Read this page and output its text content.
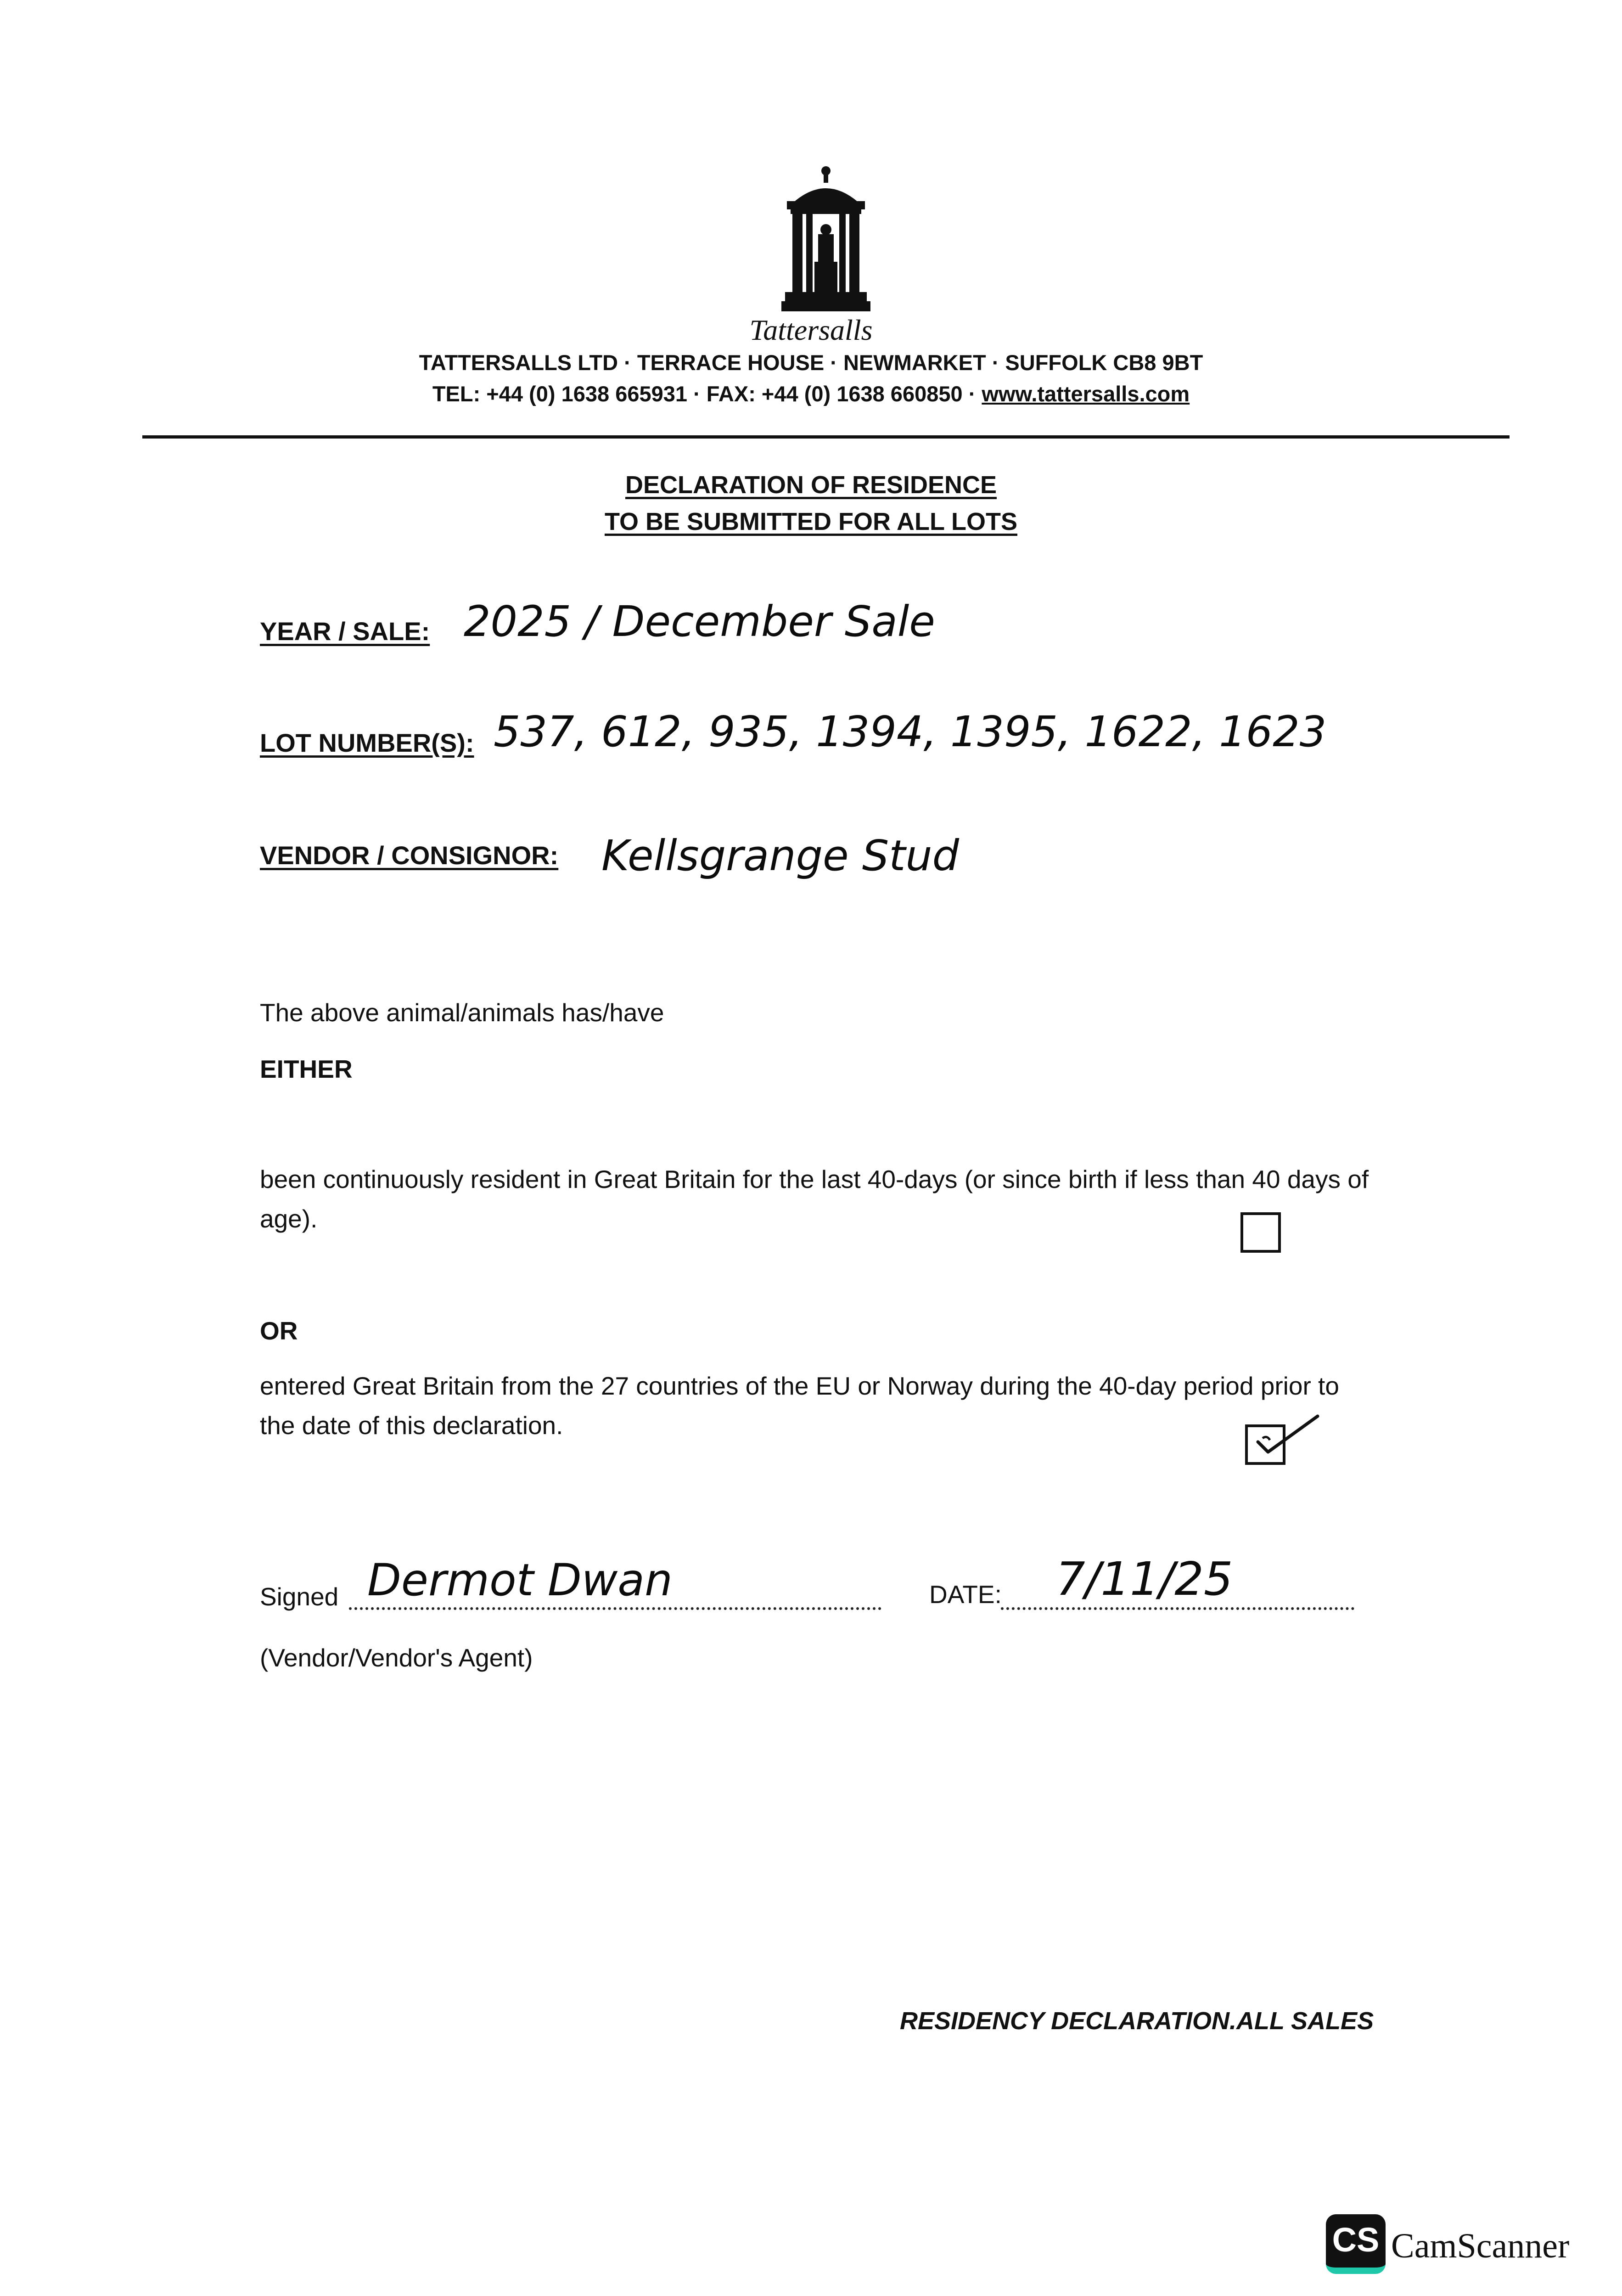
Tattersalls
TATTERSALLS LTD · TERRACE HOUSE · NEWMARKET · SUFFOLK CB8 9BT
TEL: +44 (0) 1638 665931 · FAX: +44 (0) 1638 660850 · www.tattersalls.com
DECLARATION OF RESIDENCE
TO BE SUBMITTED FOR ALL LOTS
YEAR / SALE: 2025 / December Sale
LOT NUMBER(S): 537, 612, 935, 1394, 1395, 1622, 1623
VENDOR / CONSIGNOR: Kellsgrange Stud
The above animal/animals has/have
EITHER
been continuously resident in Great Britain for the last 40-days (or since birth if less than 40 days of age).
OR
entered Great Britain from the 27 countries of the EU or Norway during the 40-day period prior to the date of this declaration.
Signed Dermot Dwan	DATE: 7/11/25
(Vendor/Vendor's Agent)
RESIDENCY DECLARATION.ALL SALES
CS CamScanner
